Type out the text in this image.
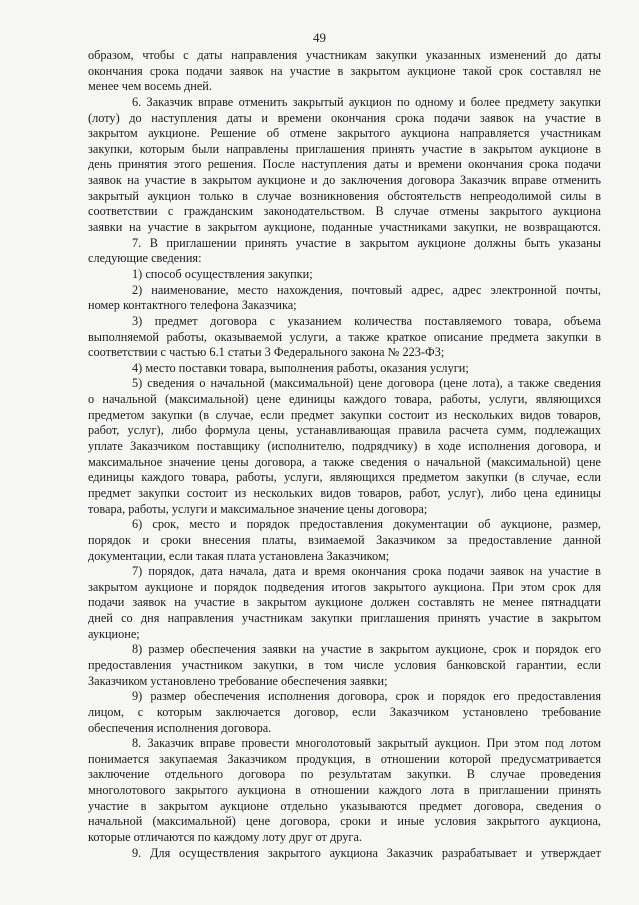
49
образом, чтобы с даты направления участникам закупки указанных изменений до даты
окончания срока подачи заявок на участие в закрытом аукционе такой срок составлял не
менее чем восемь дней.
6. Заказчик вправе отменить закрытый аукцион по одному и более предмету закупки
(лоту) до наступления даты и времени окончания срока подачи заявок на участие в
закрытом аукционе. Решение об отмене закрытого аукциона направляется участникам
закупки, которым были направлены приглашения принять участие в закрытом аукционе в
день принятия этого решения. После наступления даты и времени окончания срока подачи
заявок на участие в закрытом аукционе и до заключения договора Заказчик вправе отменить
закрытый аукцион только в случае возникновения обстоятельств непреодолимой силы в
соответствии с гражданским законодательством. В случае отмены закрытого аукциона
заявки на участие в закрытом аукционе, поданные участниками закупки, не возвращаются.
7. В приглашении принять участие в закрытом аукционе должны быть указаны
следующие сведения:
1) способ осуществления закупки;
2) наименование, место нахождения, почтовый адрес, адрес электронной почты,
номер контактного телефона Заказчика;
3) предмет договора с указанием количества поставляемого товара, объема
выполняемой работы, оказываемой услуги, а также краткое описание предмета закупки в
соответствии с частью 6.1 статьи 3 Федерального закона № 223-ФЗ;
4) место поставки товара, выполнения работы, оказания услуги;
5) сведения о начальной (максимальной) цене договора (цене лота), а также сведения
о начальной (максимальной) цене единицы каждого товара, работы, услуги, являющихся
предметом закупки (в случае, если предмет закупки состоит из нескольких видов товаров,
работ, услуг), либо формула цены, устанавливающая правила расчета сумм, подлежащих
уплате Заказчиком поставщику (исполнителю, подрядчику) в ходе исполнения договора, и
максимальное значение цены договора, а также сведения о начальной (максимальной) цене
единицы каждого товара, работы, услуги, являющихся предметом закупки (в случае, если
предмет закупки состоит из нескольких видов товаров, работ, услуг), либо цена единицы
товара, работы, услуги и максимальное значение цены договора;
6) срок, место и порядок предоставления документации об аукционе, размер,
порядок и сроки внесения платы, взимаемой Заказчиком за предоставление данной
документации, если такая плата установлена Заказчиком;
7) порядок, дата начала, дата и время окончания срока подачи заявок на участие в
закрытом аукционе и порядок подведения итогов закрытого аукциона. При этом срок для
подачи заявок на участие в закрытом аукционе должен составлять не менее пятнадцати
дней со дня направления участникам закупки приглашения принять участие в закрытом
аукционе;
8) размер обеспечения заявки на участие в закрытом аукционе, срок и порядок его
предоставления участником закупки, в том числе условия банковской гарантии, если
Заказчиком установлено требование обеспечения заявки;
9) размер обеспечения исполнения договора, срок и порядок его предоставления
лицом, с которым заключается договор, если Заказчиком установлено требование
обеспечения исполнения договора.
8. Заказчик вправе провести многолотовый закрытый аукцион. При этом под лотом
понимается закупаемая Заказчиком продукция, в отношении которой предусматривается
заключение отдельного договора по результатам закупки. В случае проведения
многолотового закрытого аукциона в отношении каждого лота в приглашении принять
участие в закрытом аукционе отдельно указываются предмет договора, сведения о
начальной (максимальной) цене договора, сроки и иные условия закрытого аукциона,
которые отличаются по каждому лоту друг от друга.
9. Для осуществления закрытого аукциона Заказчик разрабатывает и утверждает
